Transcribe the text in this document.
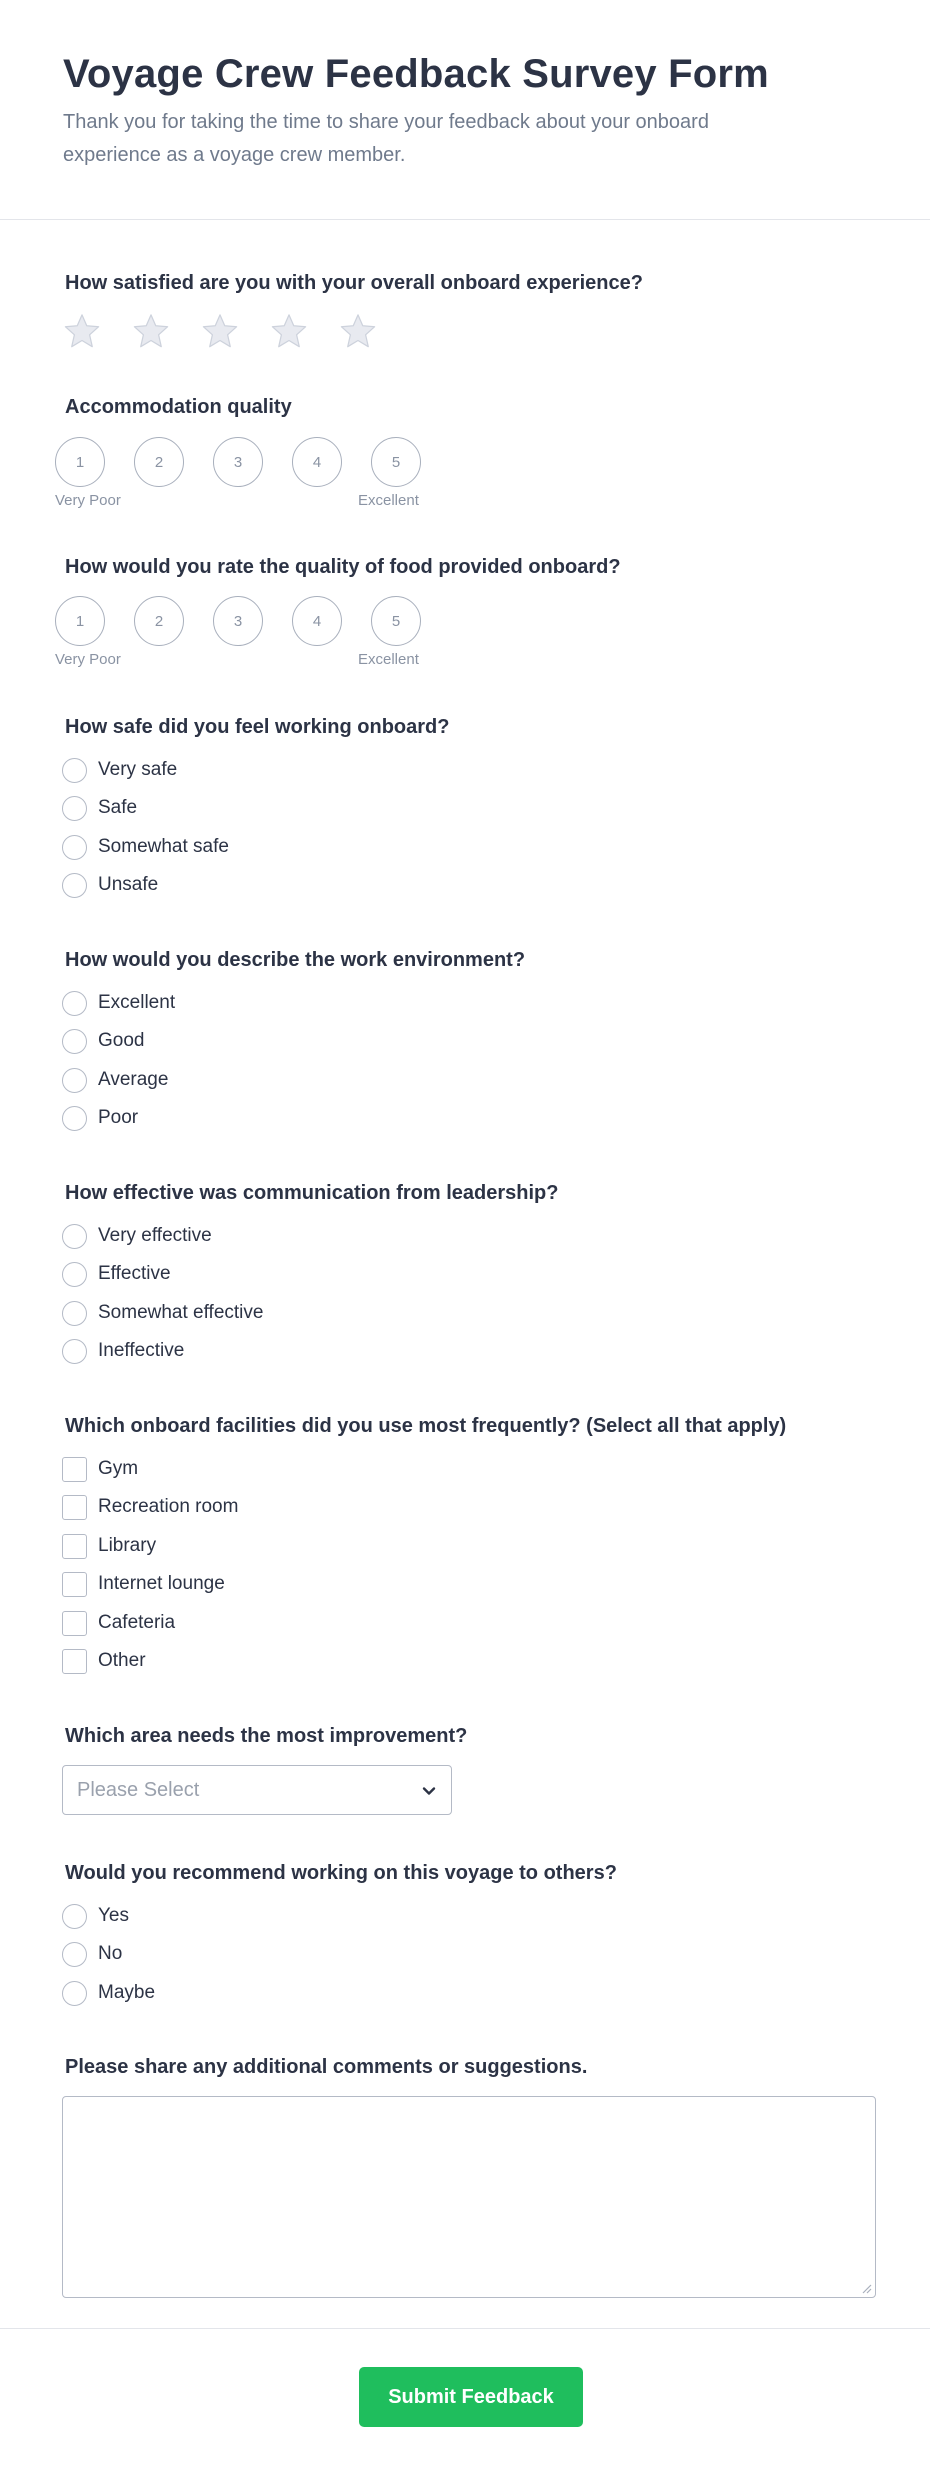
Voyage Crew Feedback Survey Form

Thank you for taking the time to share your feedback about your onboard experience as a voyage crew member.

How satisfied are you with your overall onboard experience?
Accommodation quality
1	2	3	4	5
Very Poor	Excellent
How would you rate the quality of food provided onboard?
1	2	3	4	5
Very Poor	Excellent
How safe did you feel working onboard?
Very safe
Safe
Somewhat safe
Unsafe
How would you describe the work environment?
Excellent
Good
Average
Poor
How effective was communication from leadership?
Very effective
Effective
Somewhat effective
Ineffective
Which onboard facilities did you use most frequently? (Select all that apply)
Gym
Recreation room
Library
Internet lounge
Cafeteria
Other
Which area needs the most improvement?
Please Select
Would you recommend working on this voyage to others?
Yes
No
Maybe
Please share any additional comments or suggestions.
Submit Feedback
